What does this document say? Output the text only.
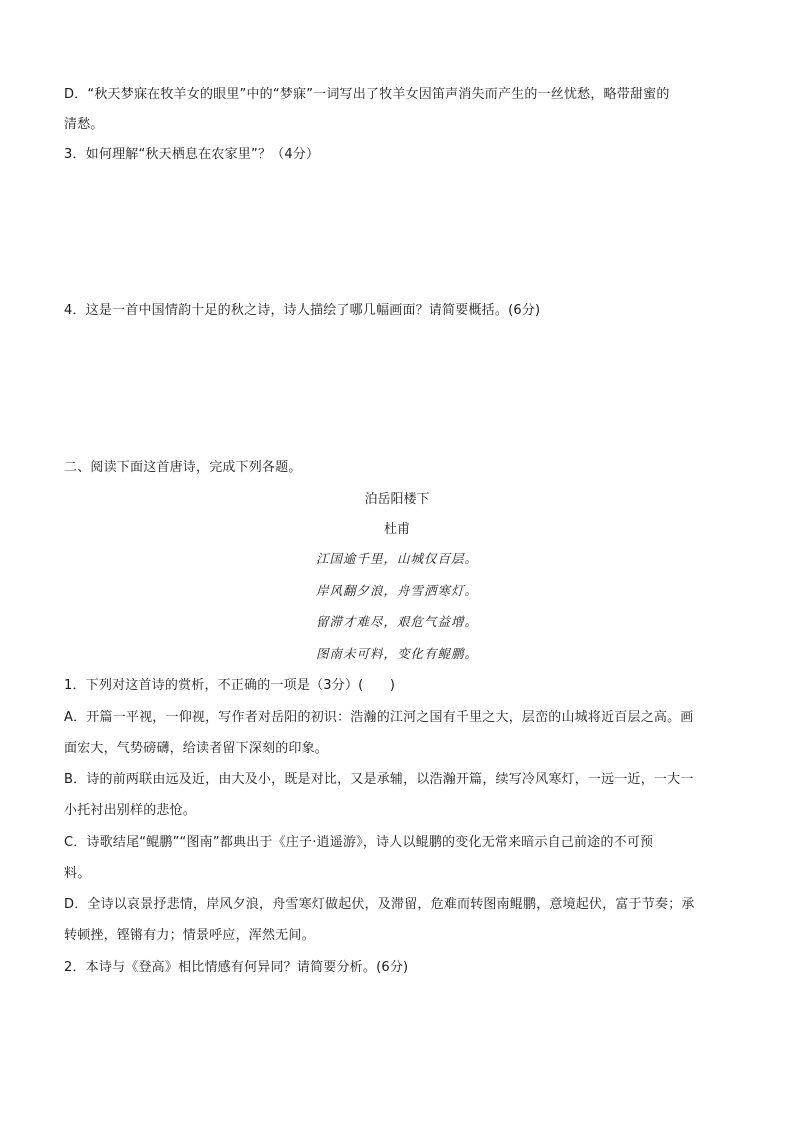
D．“秋天梦寐在牧羊女的眼里”中的“梦寐”一词写出了牧羊女因笛声消失而产生的一丝忧愁，略带甜蜜的
清愁。
3．如何理解“秋天栖息在农家里”？（4分）
4．这是一首中国情韵十足的秋之诗，诗人描绘了哪几幅画面？请简要概括。(6分)
二、阅读下面这首唐诗，完成下列各题。
泊岳阳楼下
杜甫
江国逾千里，山城仅百层。
岸风翻夕浪，舟雪洒寒灯。
留滞才难尽，艰危气益增。
图南未可料，变化有鲲鹏。
1．下列对这首诗的赏析，不正确的一项是（3分）(　　)
A．开篇一平视，一仰视，写作者对岳阳的初识：浩瀚的江河之国有千里之大，层峦的山城将近百层之高。画
面宏大，气势磅礴，给读者留下深刻的印象。
B．诗的前两联由远及近，由大及小，既是对比，又是承辅，以浩瀚开篇，续写冷风寒灯，一远一近，一大一
小托衬出别样的悲怆。
C．诗歌结尾“鲲鹏”“图南”都典出于《庄子·逍遥游》，诗人以鲲鹏的变化无常来暗示自己前途的不可预
料。
D．全诗以哀景抒悲情，岸风夕浪，舟雪寒灯做起伏，及滞留，危难而转图南鲲鹏，意境起伏，富于节奏；承
转顿挫，铿锵有力；情景呼应，浑然无间。
2．本诗与《登高》相比情感有何异同？请简要分析。(6分)
